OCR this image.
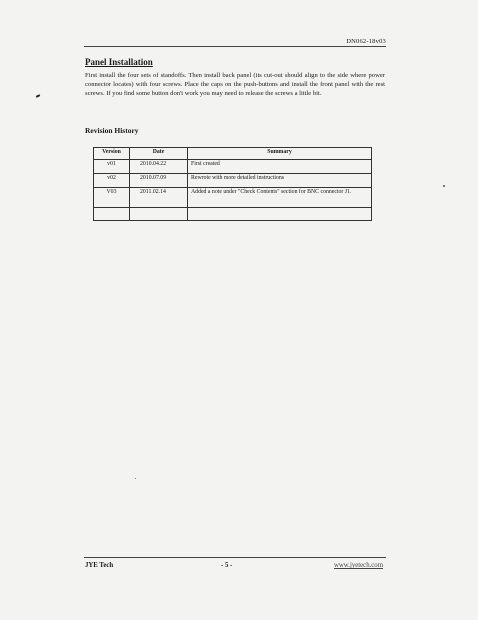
DN062-18v03
Panel Installation
First install the four sets of standoffs. Then install back panel (its cut-out should align to the side where power connector locates) with four screws. Place the caps on the push-buttons and install the front panel with the rest screws. If you find some button don't work you may need to release the screws a little bit.
Revision History
Version	Date	Summary
v01	2010.04.22	First created
v02	2010.07.09	Rewrote with more detailed instructions
V03	2011.02.14	Added a note under "Check Contents" section for BNC connector J1.

JYE Tech	- 5 -	www.jyetech.com
